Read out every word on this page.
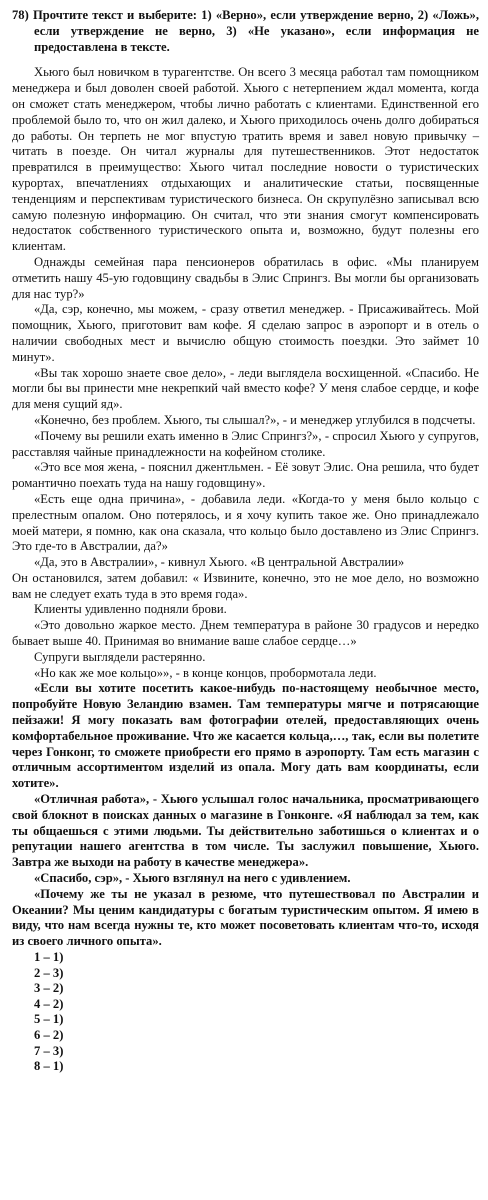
78) Прочтите текст и выберите: 1) «Верно», если утверждение верно, 2) «Ложь», если утверждение не верно, 3) «Не указано», если информация не предоставлена в тексте.

Хьюго был новичком в турагентстве. Он всего 3 месяца работал там помощником менеджера и был доволен своей работой. Хьюго с нетерпением ждал момента, когда он сможет стать менеджером, чтобы лично работать с клиентами. Единственной его проблемой было то, что он жил далеко, и Хьюго приходилось очень долго добираться до работы. Он терпеть не мог впустую тратить время и завел новую привычку – читать в поезде. Он читал журналы для путешественников. Этот недостаток превратился в преимущество: Хьюго читал последние новости о туристических курортах, впечатлениях отдыхающих и аналитические статьи, посвященные тенденциям и перспективам туристического бизнеса. Он скрупулёзно записывал всю самую полезную информацию. Он считал, что эти знания смогут компенсировать недостаток собственного туристического опыта и, возможно, будут полезны его клиентам.

Однажды семейная пара пенсионеров обратилась в офис. «Мы планируем отметить нашу 45-ую годовщину свадьбы в Элис Спрингз. Вы могли бы организовать для нас тур?»

«Да, сэр, конечно, мы можем, - сразу ответил менеджер. - Присаживайтесь. Мой помощник, Хьюго, приготовит вам кофе. Я сделаю запрос в аэропорт и в отель о наличии свободных мест и вычислю общую стоимость поездки. Это займет 10 минут».

«Вы так хорошо знаете свое дело», - леди выглядела восхищенной. «Спасибо. Не могли бы вы принести мне некрепкий чай вместо кофе? У меня слабое сердце, и кофе для меня сущий яд».

«Конечно, без проблем. Хьюго, ты слышал?», - и менеджер углубился в подсчеты.

«Почему вы решили ехать именно в Элис Спрингз?», - спросил Хьюго у супругов, расставляя чайные принадлежности на кофейном столике.

«Это все моя жена, - пояснил джентльмен. - Её зовут Элис. Она решила, что будет романтично поехать туда на нашу годовщину».

«Есть еще одна причина», - добавила леди. «Когда-то у меня было кольцо с прелестным опалом. Оно потерялось, и я хочу купить такое же. Оно принадлежало моей матери, я помню, как она сказала, что кольцо было доставлено из Элис Спрингз. Это где-то в Австралии, да?»

«Да, это в Австралии», - кивнул Хьюго. «В центральной Австралии»

Он остановился, затем добавил: « Извините, конечно, это не мое дело, но возможно вам не следует ехать туда в это время года».

Клиенты удивленно подняли брови.

«Это довольно жаркое место. Днем температура в районе 30 градусов и нередко бывает выше 40. Принимая во внимание ваше слабое сердце…»

Супруги выглядели растерянно.

«Но как же мое кольцо»», - в конце концов, пробормотала леди.

«Если вы хотите посетить какое-нибудь по-настоящему необычное место, попробуйте Новую Зеландию взамен. Там температуры мягче и потрясающие пейзажи! Я могу показать вам фотографии отелей, предоставляющих очень комфортабельное проживание. Что же касается кольца,…, так, если вы полетите через Гонконг, то сможете приобрести его прямо в аэропорту. Там есть магазин с отличным ассортиментом изделий из опала. Могу дать вам координаты, если хотите».

«Отличная работа», - Хьюго услышал голос начальника, просматривающего свой блокнот в поисках данных о магазине в Гонконге. «Я наблюдал за тем, как ты общаешься с этими людьми. Ты действительно заботишься о клиентах и о репутации нашего агентства в том числе. Ты заслужил повышение, Хьюго. Завтра же выходи на работу в качестве менеджера».

«Спасибо, сэр», - Хьюго взглянул на него с удивлением.

«Почему же ты не указал в резюме, что путешествовал по Австралии и Океании? Мы ценим кандидатуры с богатым туристическим опытом. Я имею в виду, что нам всегда нужны те, кто может посоветовать клиентам что-то, исходя из своего личного опыта».

1 – 1)
2 – 3)
3 – 2)
4 – 2)
5 – 1)
6 – 2)
7 – 3)
8 – 1)
